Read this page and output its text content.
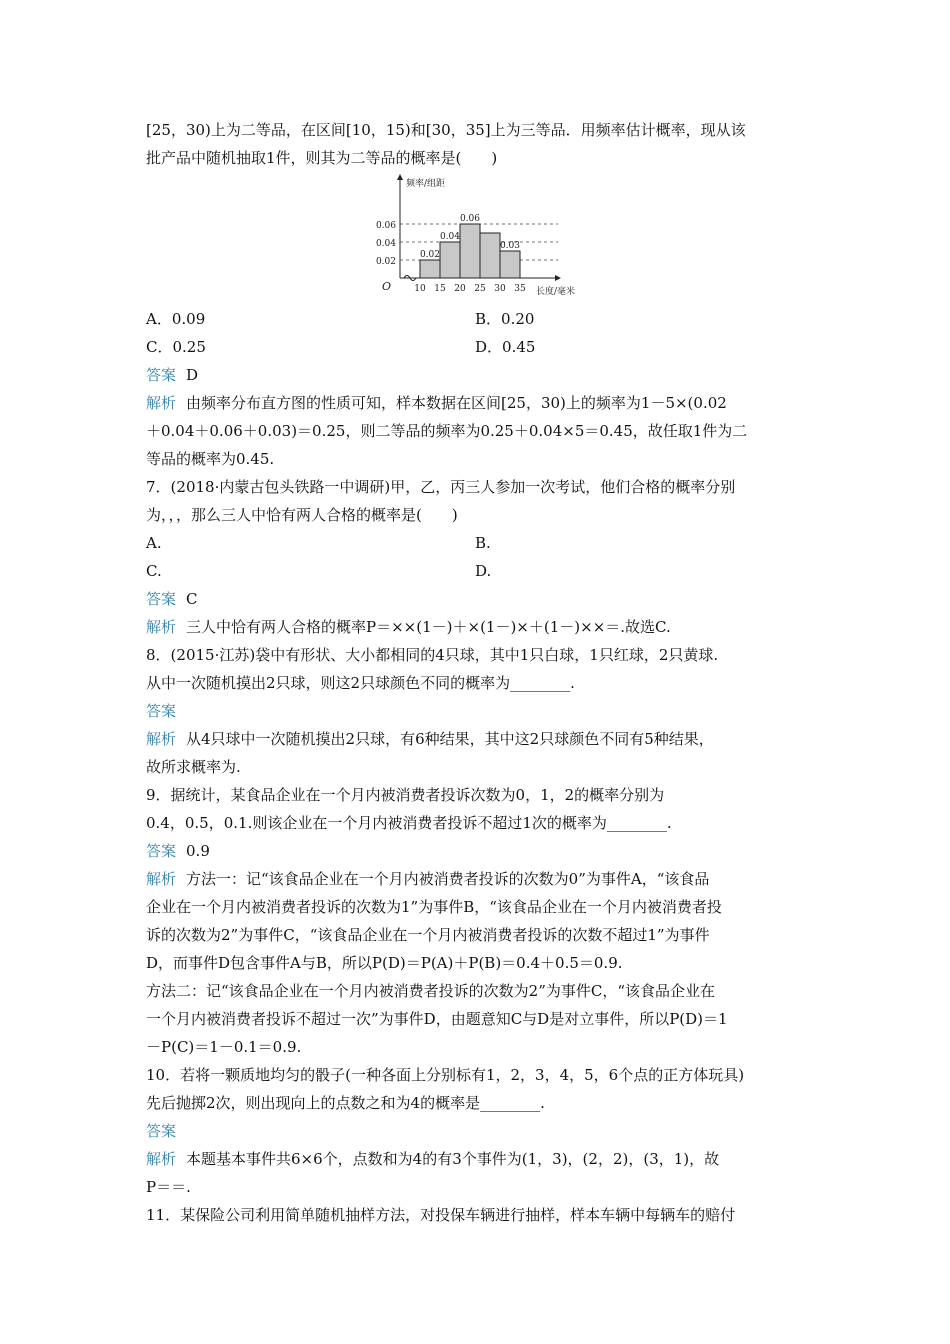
[25，30)上为二等品，在区间[10，15)和[30，35]上为三等品．用频率估计概率，现从该
批产品中随机抽取1件，则其为二等品的概率是(　　)
0.02
0.04
0.06
0.02
0.04
0.06
0.03
10 15 20 25 30 35
O
频率/组距
长度/毫米
A．0.09	B．0.20
C．0.25	D．0.45
答案 D
解析 由频率分布直方图的性质可知，样本数据在区间[25，30)上的频率为1－5×(0.02
＋0.04＋0.06＋0.03)＝0.25，则二等品的频率为0.25＋0.04×5＝0.45，故任取1件为二
等品的概率为0.45.
7．(2018·内蒙古包头铁路一中调研)甲，乙，丙三人参加一次考试，他们合格的概率分别
为，，，那么三人中恰有两人合格的概率是(　　)
A.	B.
C.	D.
答案 C
解析 三人中恰有两人合格的概率P＝××(1－)＋×(1－)×＋(1－)××＝.故选C.
8．(2015·江苏)袋中有形状、大小都相同的4只球，其中1只白球，1只红球，2只黄球.
从中一次随机摸出2只球，则这2只球颜色不同的概率为________.
答案
解析 从4只球中一次随机摸出2只球，有6种结果，其中这2只球颜色不同有5种结果，
故所求概率为.
9．据统计，某食品企业在一个月内被消费者投诉次数为0，1，2的概率分别为
0.4，0.5，0.1.则该企业在一个月内被消费者投诉不超过1次的概率为________.
答案 0.9
解析 方法一：记“该食品企业在一个月内被消费者投诉的次数为0”为事件A，“该食品
企业在一个月内被消费者投诉的次数为1”为事件B，“该食品企业在一个月内被消费者投
诉的次数为2”为事件C，“该食品企业在一个月内被消费者投诉的次数不超过1”为事件
D，而事件D包含事件A与B，所以P(D)＝P(A)＋P(B)＝0.4＋0.5＝0.9.
方法二：记“该食品企业在一个月内被消费者投诉的次数为2”为事件C，“该食品企业在
一个月内被消费者投诉不超过一次”为事件D，由题意知C与D是对立事件，所以P(D)＝1
－P(C)＝1－0.1＝0.9.
10．若将一颗质地均匀的骰子(一种各面上分别标有1，2，3，4，5，6个点的正方体玩具)
先后抛掷2次，则出现向上的点数之和为4的概率是________.
答案
解析 本题基本事件共6×6个，点数和为4的有3个事件为(1，3)，(2，2)，(3，1)，故
P＝＝.
11．某保险公司利用简单随机抽样方法，对投保车辆进行抽样，样本车辆中每辆车的赔付
